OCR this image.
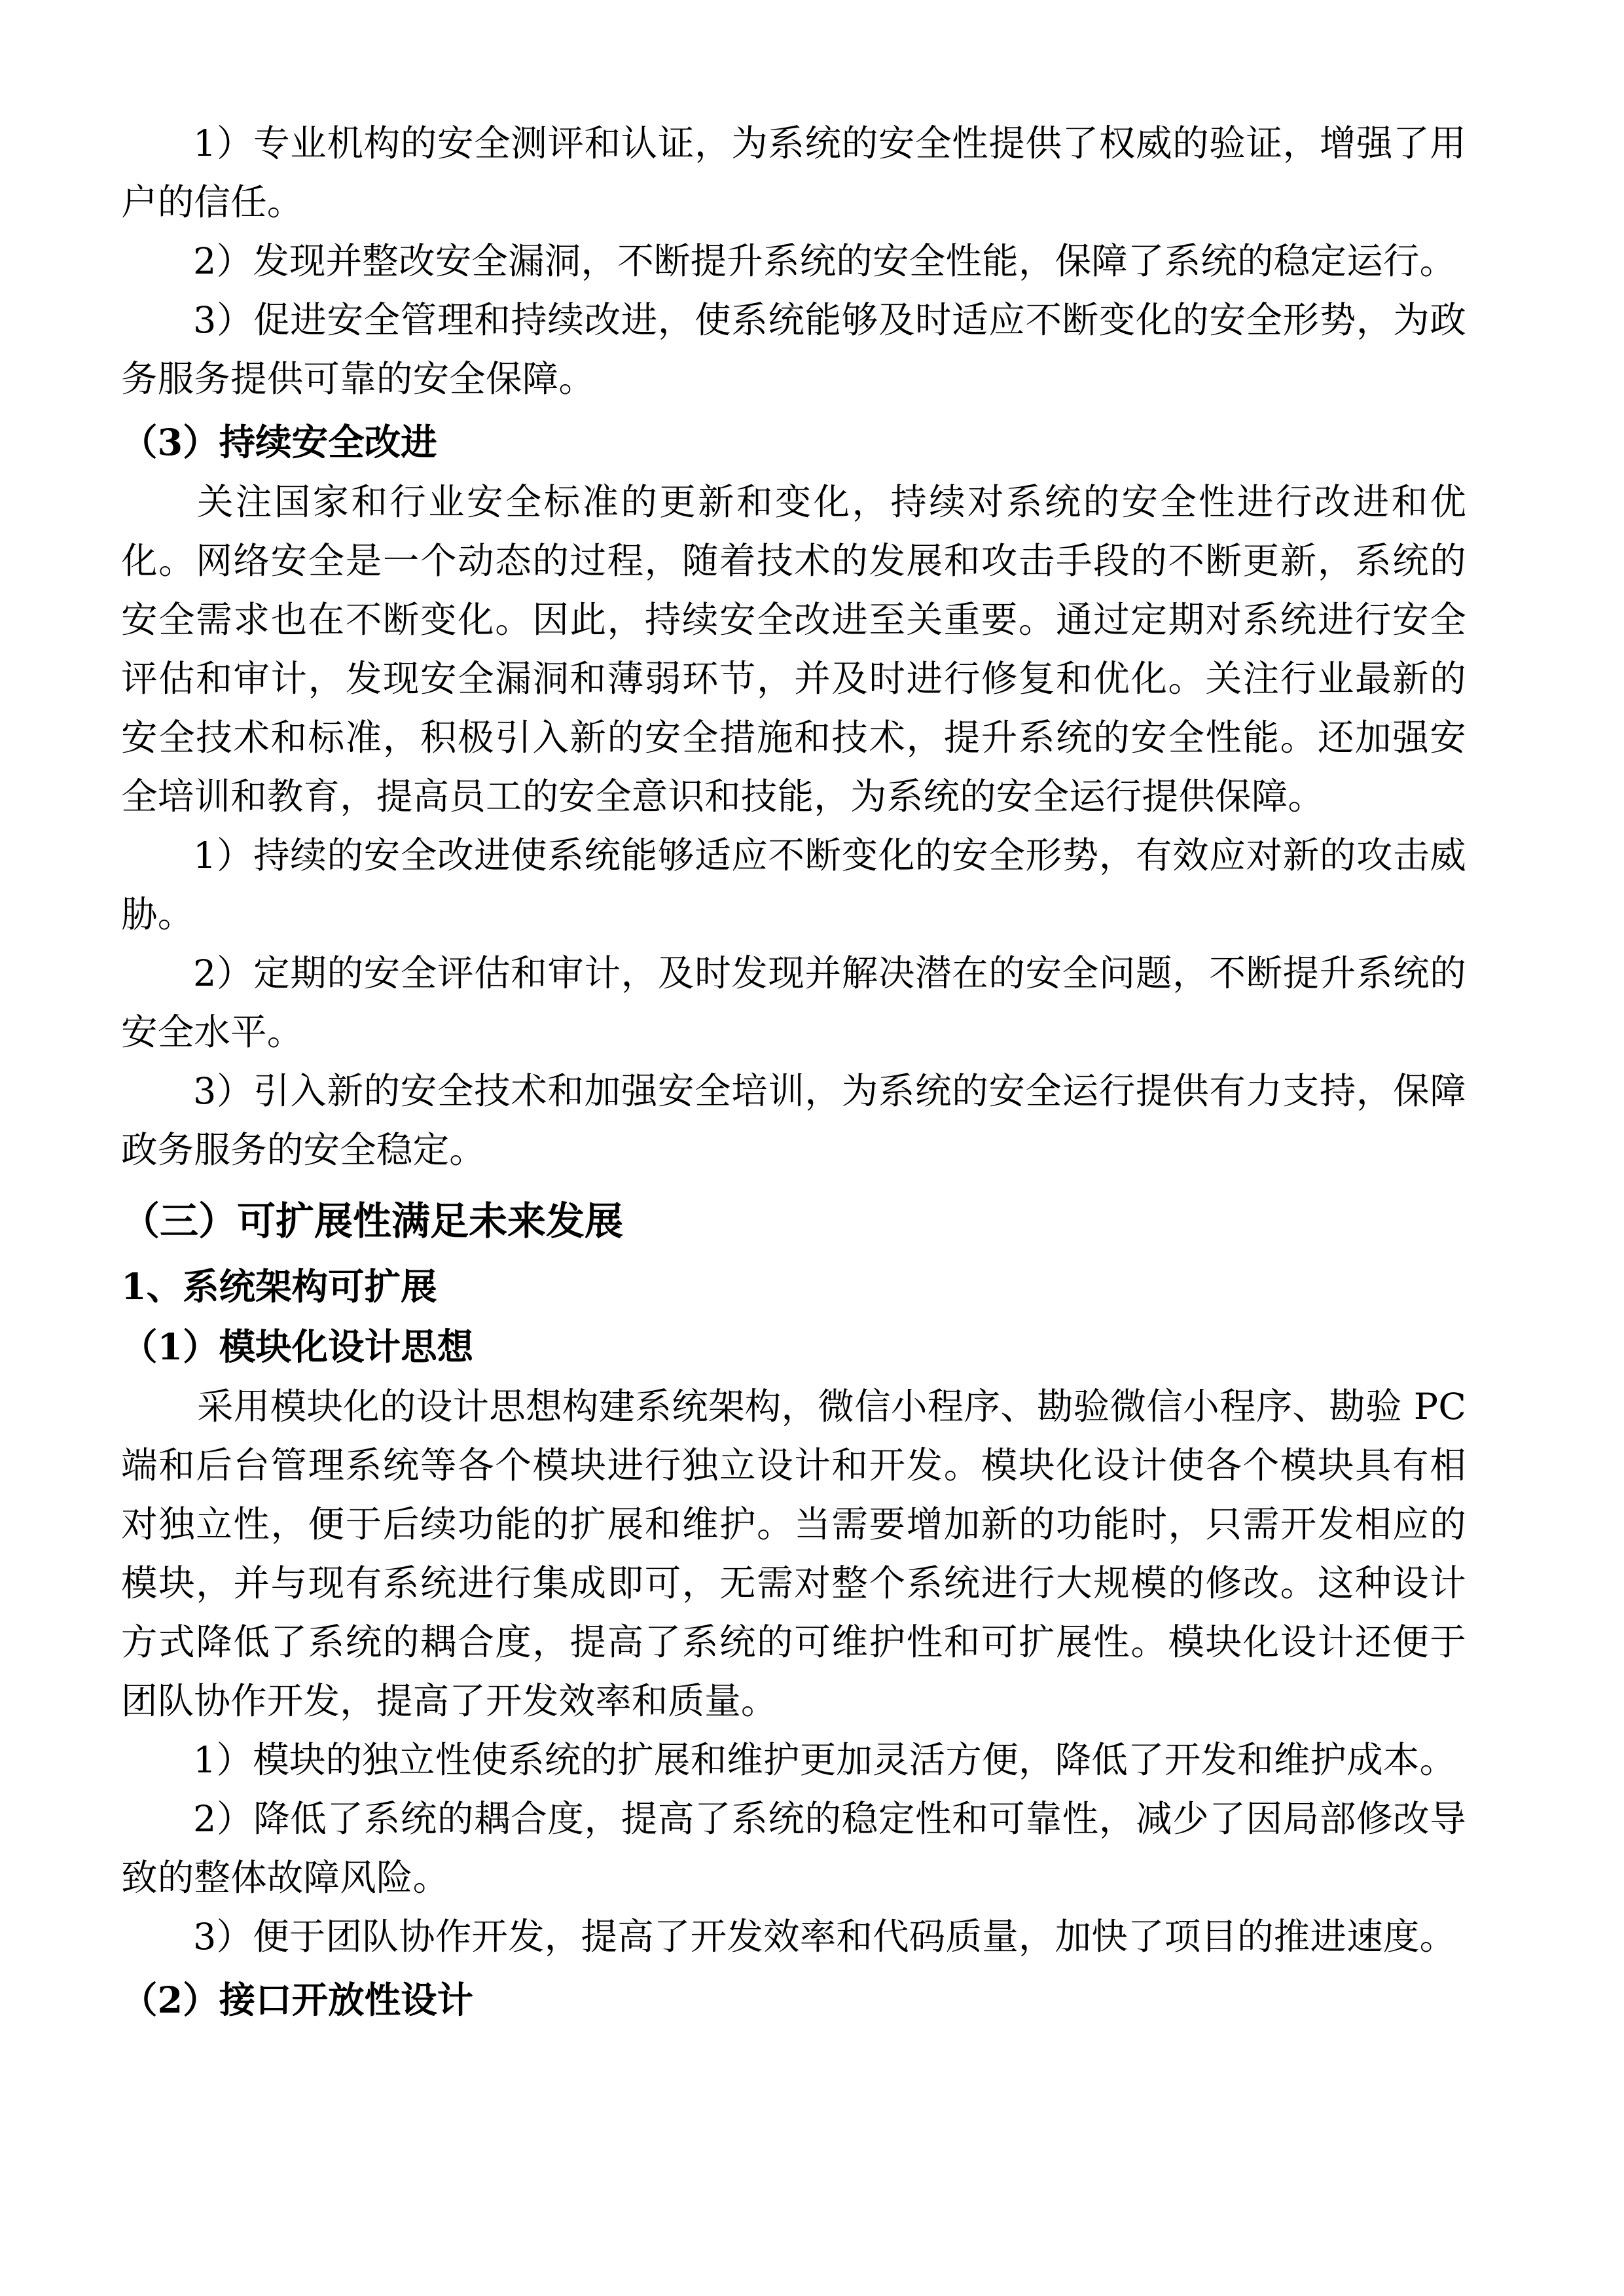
1）专业机构的安全测评和认证，为系统的安全性提供了权威的验证，增强了用户的信任。

2）发现并整改安全漏洞，不断提升系统的安全性能，保障了系统的稳定运行。

3）促进安全管理和持续改进，使系统能够及时适应不断变化的安全形势，为政务服务提供可靠的安全保障。

（3）持续安全改进

关注国家和行业安全标准的更新和变化，持续对系统的安全性进行改进和优化。网络安全是一个动态的过程，随着技术的发展和攻击手段的不断更新，系统的安全需求也在不断变化。因此，持续安全改进至关重要。通过定期对系统进行安全评估和审计，发现安全漏洞和薄弱环节，并及时进行修复和优化。关注行业最新的安全技术和标准，积极引入新的安全措施和技术，提升系统的安全性能。还加强安全培训和教育，提高员工的安全意识和技能，为系统的安全运行提供保障。

1）持续的安全改进使系统能够适应不断变化的安全形势，有效应对新的攻击威胁。

2）定期的安全评估和审计，及时发现并解决潜在的安全问题，不断提升系统的安全水平。

3）引入新的安全技术和加强安全培训，为系统的安全运行提供有力支持，保障政务服务的安全稳定。

（三）可扩展性满足未来发展

1、系统架构可扩展

（1）模块化设计思想

采用模块化的设计思想构建系统架构，微信小程序、勘验微信小程序、勘验 PC 端和后台管理系统等各个模块进行独立设计和开发。模块化设计使各个模块具有相对独立性，便于后续功能的扩展和维护。当需要增加新的功能时，只需开发相应的模块，并与现有系统进行集成即可，无需对整个系统进行大规模的修改。这种设计方式降低了系统的耦合度，提高了系统的可维护性和可扩展性。模块化设计还便于团队协作开发，提高了开发效率和质量。

1）模块的独立性使系统的扩展和维护更加灵活方便，降低了开发和维护成本。

2）降低了系统的耦合度，提高了系统的稳定性和可靠性，减少了因局部修改导致的整体故障风险。

3）便于团队协作开发，提高了开发效率和代码质量，加快了项目的推进速度。

（2）接口开放性设计
